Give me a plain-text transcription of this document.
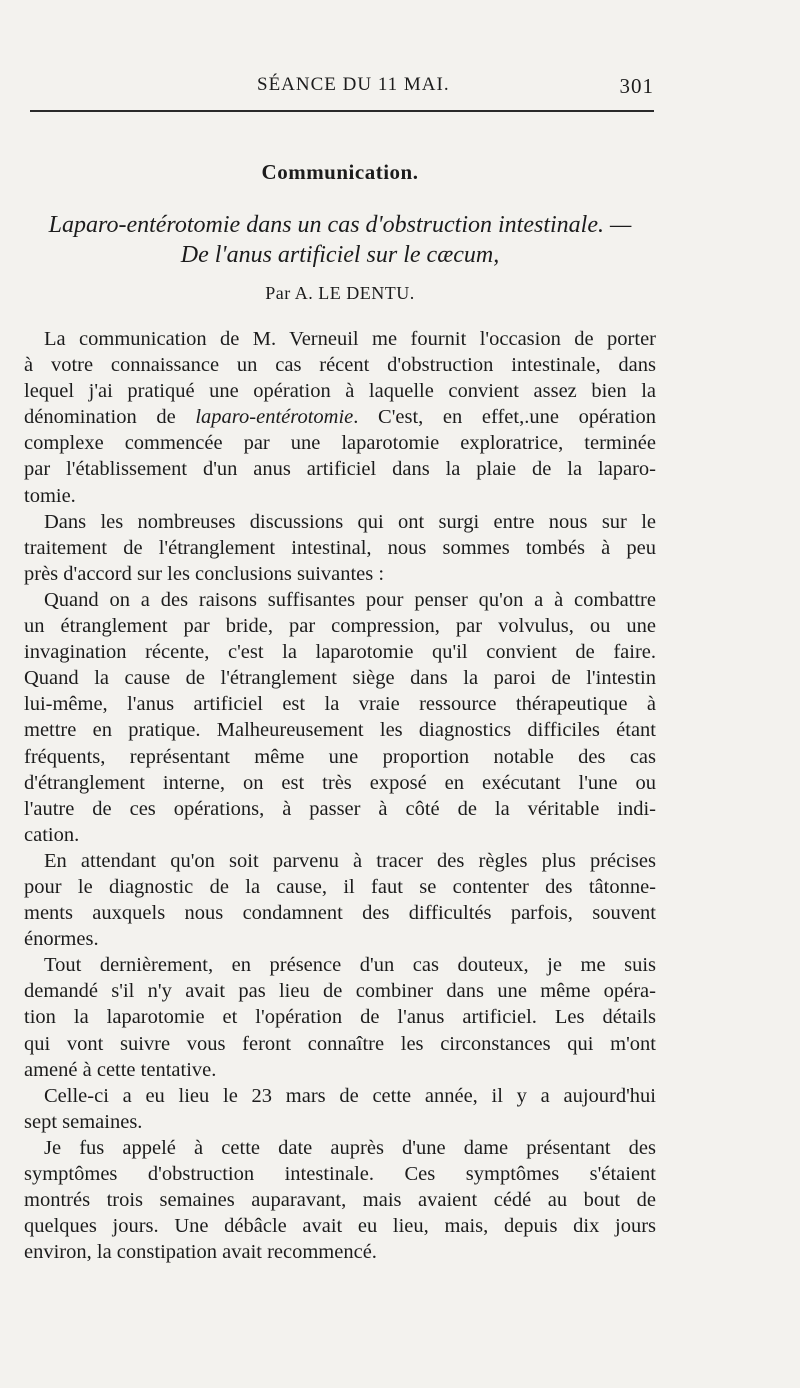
SÉANCE DU 11 MAI.	301
Communication.
Laparo-entérotomie dans un cas d'obstruction intestinale. —
De l'anus artificiel sur le cæcum,
Par A. LE DENTU.

La communication de M. Verneuil me fournit l'occasion de porter
à votre connaissance un cas récent d'obstruction intestinale, dans
lequel j'ai pratiqué une opération à laquelle convient assez bien la
dénomination de laparo-entérotomie. C'est, en effet,.une opération
complexe commencée par une laparotomie exploratrice, terminée
par l'établissement d'un anus artificiel dans la plaie de la laparo-
tomie.

Dans les nombreuses discussions qui ont surgi entre nous sur le
traitement de l'étranglement intestinal, nous sommes tombés à peu
près d'accord sur les conclusions suivantes :

Quand on a des raisons suffisantes pour penser qu'on a à combattre
un étranglement par bride, par compression, par volvulus, ou une
invagination récente, c'est la laparotomie qu'il convient de faire.
Quand la cause de l'étranglement siège dans la paroi de l'intestin
lui-même, l'anus artificiel est la vraie ressource thérapeutique à
mettre en pratique. Malheureusement les diagnostics difficiles étant
fréquents, représentant même une proportion notable des cas
d'étranglement interne, on est très exposé en exécutant l'une ou
l'autre de ces opérations, à passer à côté de la véritable indi-
cation.

En attendant qu'on soit parvenu à tracer des règles plus précises
pour le diagnostic de la cause, il faut se contenter des tâtonne-
ments auxquels nous condamnent des difficultés parfois, souvent
énormes.

Tout dernièrement, en présence d'un cas douteux, je me suis
demandé s'il n'y avait pas lieu de combiner dans une même opéra-
tion la laparotomie et l'opération de l'anus artificiel. Les détails
qui vont suivre vous feront connaître les circonstances qui m'ont
amené à cette tentative.

Celle-ci a eu lieu le 23 mars de cette année, il y a aujourd'hui
sept semaines.

Je fus appelé à cette date auprès d'une dame présentant des
symptômes d'obstruction intestinale. Ces symptômes s'étaient
montrés trois semaines auparavant, mais avaient cédé au bout de
quelques jours. Une débâcle avait eu lieu, mais, depuis dix jours
environ, la constipation avait recommencé.
